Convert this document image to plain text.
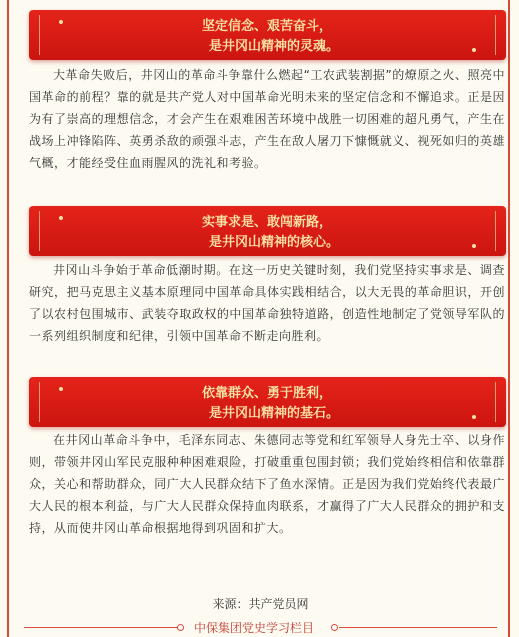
坚定信念、艰苦奋斗，
是井冈山精神的灵魂。
大革命失败后，井冈山的革命斗争靠什么燃起“工农武装割据”的燎原之火、照亮中国革命的前程？靠的就是共产党人对中国革命光明未来的坚定信念和不懈追求。正是因为有了崇高的理想信念，才会产生在艰难困苦环境中战胜一切困难的超凡勇气，产生在战场上冲锋陷阵、英勇杀敌的顽强斗志，产生在敌人屠刀下慷慨就义、视死如归的英雄气概，才能经受住血雨腥风的洗礼和考验。
实事求是、敢闯新路，
是井冈山精神的核心。
井冈山斗争始于革命低潮时期。在这一历史关键时刻，我们党坚持实事求是、调查研究，把马克思主义基本原理同中国革命具体实践相结合，以大无畏的革命胆识，开创了以农村包围城市、武装夺取政权的中国革命独特道路，创造性地制定了党领导军队的一系列组织制度和纪律，引领中国革命不断走向胜利。
依靠群众、勇于胜利，
是井冈山精神的基石。
在井冈山革命斗争中，毛泽东同志、朱德同志等党和红军领导人身先士卒、以身作则，带领井冈山军民克服种种困难艰险，打破重重包围封锁；我们党始终相信和依靠群众，关心和帮助群众，同广大人民群众结下了鱼水深情。正是因为我们党始终代表最广大人民的根本利益，与广大人民群众保持血肉联系，才赢得了广大人民群众的拥护和支持，从而使井冈山革命根据地得到巩固和扩大。
来源：共产党员网
中保集团党史学习栏目
